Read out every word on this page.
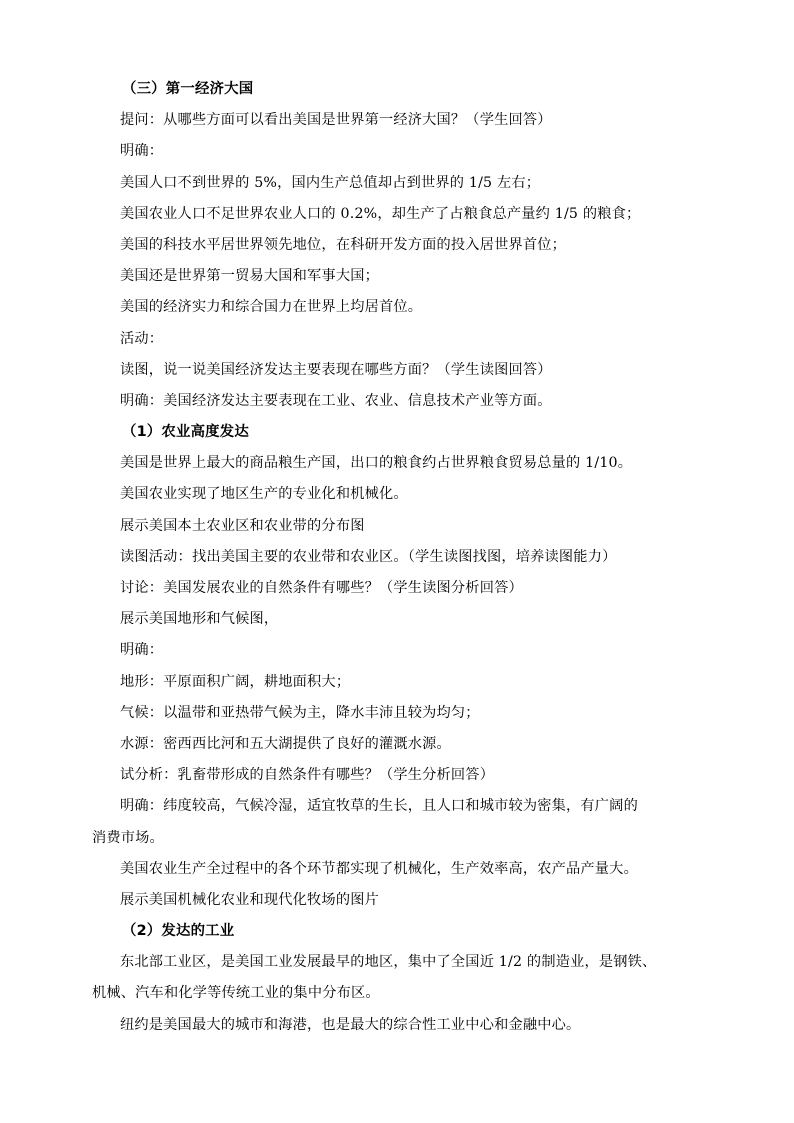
（三）第一经济大国
提问：从哪些方面可以看出美国是世界第一经济大国？（学生回答）
明确：
美国人口不到世界的 5%，国内生产总值却占到世界的 1/5 左右；
美国农业人口不足世界农业人口的 0.2%，却生产了占粮食总产量约 1/5 的粮食；
美国的科技水平居世界领先地位，在科研开发方面的投入居世界首位；
美国还是世界第一贸易大国和军事大国；
美国的经济实力和综合国力在世界上均居首位。
活动：
读图，说一说美国经济发达主要表现在哪些方面？（学生读图回答）
明确：美国经济发达主要表现在工业、农业、信息技术产业等方面。
（1）农业高度发达
美国是世界上最大的商品粮生产国，出口的粮食约占世界粮食贸易总量的 1/10。
美国农业实现了地区生产的专业化和机械化。
展示美国本土农业区和农业带的分布图
读图活动：找出美国主要的农业带和农业区。（学生读图找图，培养读图能力）
讨论：美国发展农业的自然条件有哪些？（学生读图分析回答）
展示美国地形和气候图，
明确：
地形：平原面积广阔，耕地面积大；
气候：以温带和亚热带气候为主，降水丰沛且较为均匀；
水源：密西西比河和五大湖提供了良好的灌溉水源。
试分析：乳畜带形成的自然条件有哪些？（学生分析回答）
明确：纬度较高，气候冷湿，适宜牧草的生长，且人口和城市较为密集，有广阔的
消费市场。
美国农业生产全过程中的各个环节都实现了机械化，生产效率高，农产品产量大。
展示美国机械化农业和现代化牧场的图片
（2）发达的工业
东北部工业区，是美国工业发展最早的地区，集中了全国近 1/2 的制造业，是钢铁、
机械、汽车和化学等传统工业的集中分布区。
纽约是美国最大的城市和海港，也是最大的综合性工业中心和金融中心。
